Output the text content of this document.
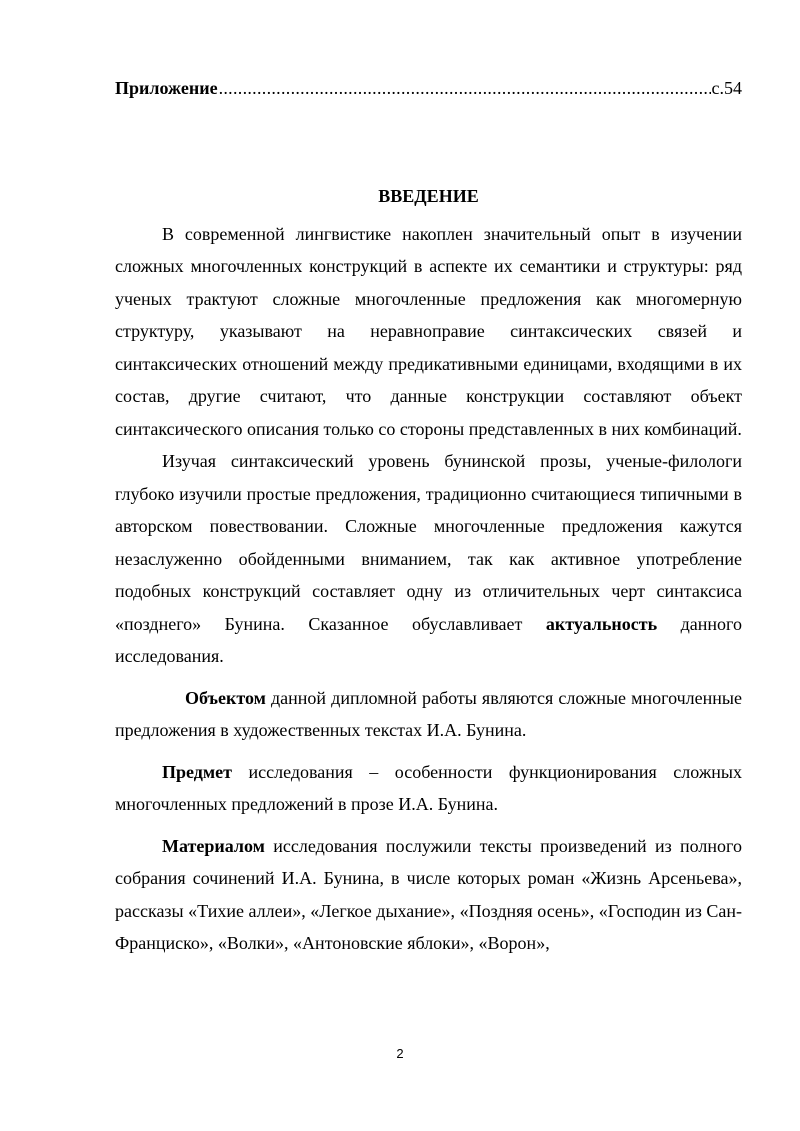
Приложение
.....	с.54
ВВЕДЕНИЕ

В современной лингвистике накоплен значительный опыт в изучении сложных многочленных конструкций в аспекте их семантики и структуры: ряд ученых трактуют сложные многочленные предложения как многомерную структуру, указывают на неравноправие синтаксических связей и синтаксических отношений между предикативными единицами, входящими в их состав, другие считают, что данные конструкции составляют объект синтаксического описания только со стороны представленных в них комбинаций.

Изучая синтаксический уровень бунинской прозы, ученые-филологи глубоко изучили простые предложения, традиционно считающиеся типичными в авторском повествовании. Сложные многочленные предложения кажутся незаслуженно обойденными вниманием, так как активное употребление подобных конструкций составляет одну из отличительных черт синтаксиса «позднего» Бунина. Сказанное обуславливает актуальность данного исследования.

Объектом данной дипломной работы являются сложные многочленные предложения в художественных текстах И.А. Бунина.

Предмет исследования – особенности функционирования сложных многочленных предложений в прозе И.А. Бунина.

Материалом исследования послужили тексты произведений из полного собрания сочинений И.А. Бунина, в числе которых роман «Жизнь Арсеньева», рассказы «Тихие аллеи», «Легкое дыхание», «Поздняя осень», «Господин из Сан-Франциско», «Волки», «Антоновские яблоки», «Ворон»,

2
